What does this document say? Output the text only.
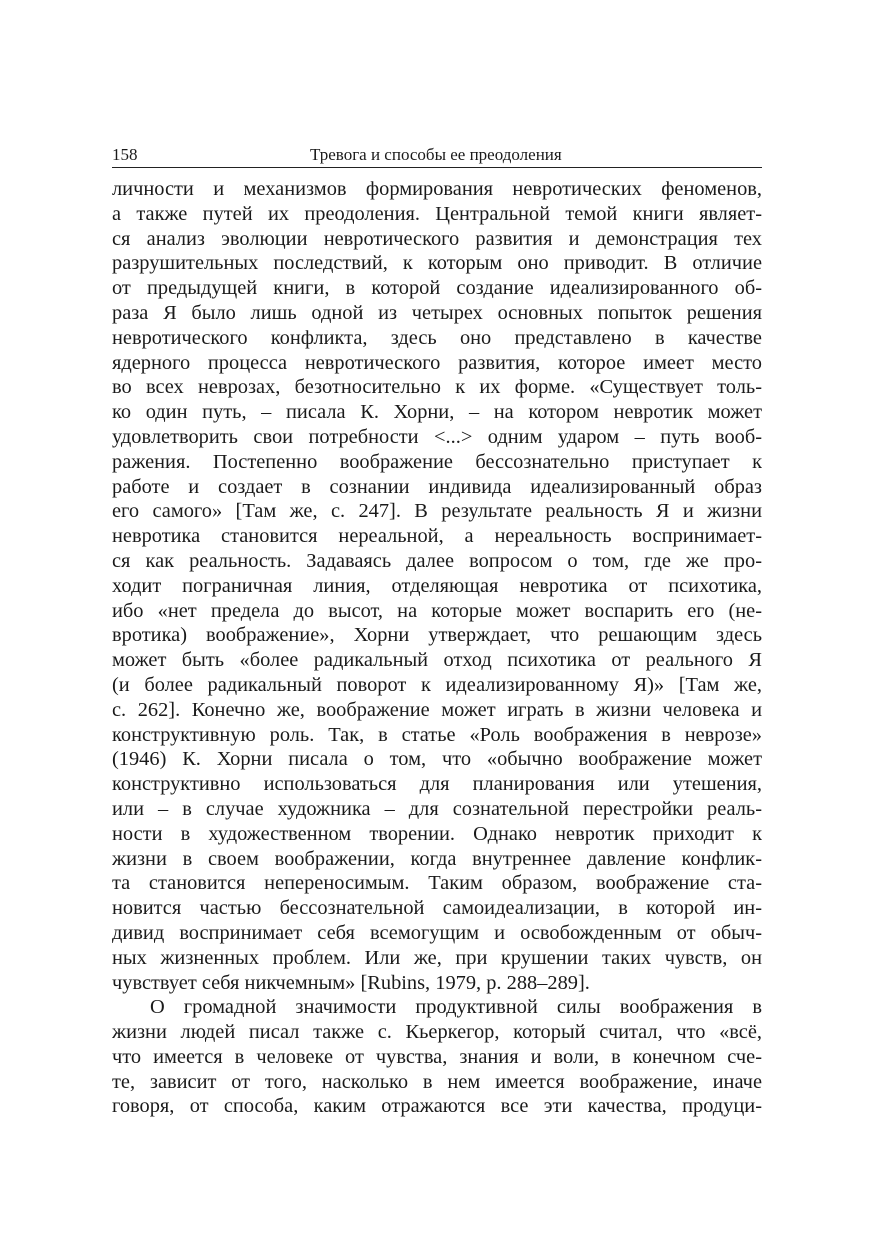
158	Тревога и способы ее преодоления
личности и механизмов формирования невротических феноменов,
а также путей их преодоления. Центральной темой книги являет-
ся анализ эволюции невротического развития и демонстрация тех
разрушительных последствий, к которым оно приводит. В отличие
от предыдущей книги, в которой создание идеализированного об-
раза Я было лишь одной из четырех основных попыток решения
невротического конфликта, здесь оно представлено в качестве
ядерного процесса невротического развития, которое имеет место
во всех неврозах, безотносительно к их форме. «Существует толь-
ко один путь, – писала К. Хорни, – на котором невротик может
удовлетворить свои потребности <...> одним ударом – путь вооб-
ражения. Постепенно воображение бессознательно приступает к
работе и создает в сознании индивида идеализированный образ
его самого» [Там же, с. 247]. В результате реальность Я и жизни
невротика становится нереальной, а нереальность воспринимает-
ся как реальность. Задаваясь далее вопросом о том, где же про-
ходит пограничная линия, отделяющая невротика от психотика,
ибо «нет предела до высот, на которые может воспарить его (не-
вротика) воображение», Хорни утверждает, что решающим здесь
может быть «более радикальный отход психотика от реального Я
(и более радикальный поворот к идеализированному Я)» [Там же,
с. 262]. Конечно же, воображение может играть в жизни человека и
конструктивную роль. Так, в статье «Роль воображения в неврозе»
(1946) К. Хорни писала о том, что «обычно воображение может
конструктивно использоваться для планирования или утешения,
или – в случае художника – для сознательной перестройки реаль-
ности в художественном творении. Однако невротик приходит к
жизни в своем воображении, когда внутреннее давление конфлик-
та становится непереносимым. Таким образом, воображение ста-
новится частью бессознательной самоидеализации, в которой ин-
дивид воспринимает себя всемогущим и освобожденным от обыч-
ных жизненных проблем. Или же, при крушении таких чувств, он
чувствует себя никчемным» [Rubins, 1979, p. 288–289].
О громадной значимости продуктивной силы воображения в
жизни людей писал также с. Кьеркегор, который считал, что «всё,
что имеется в человеке от чувства, знания и воли, в конечном сче-
те, зависит от того, насколько в нем имеется воображение, иначе
говоря, от способа, каким отражаются все эти качества, продуци-
